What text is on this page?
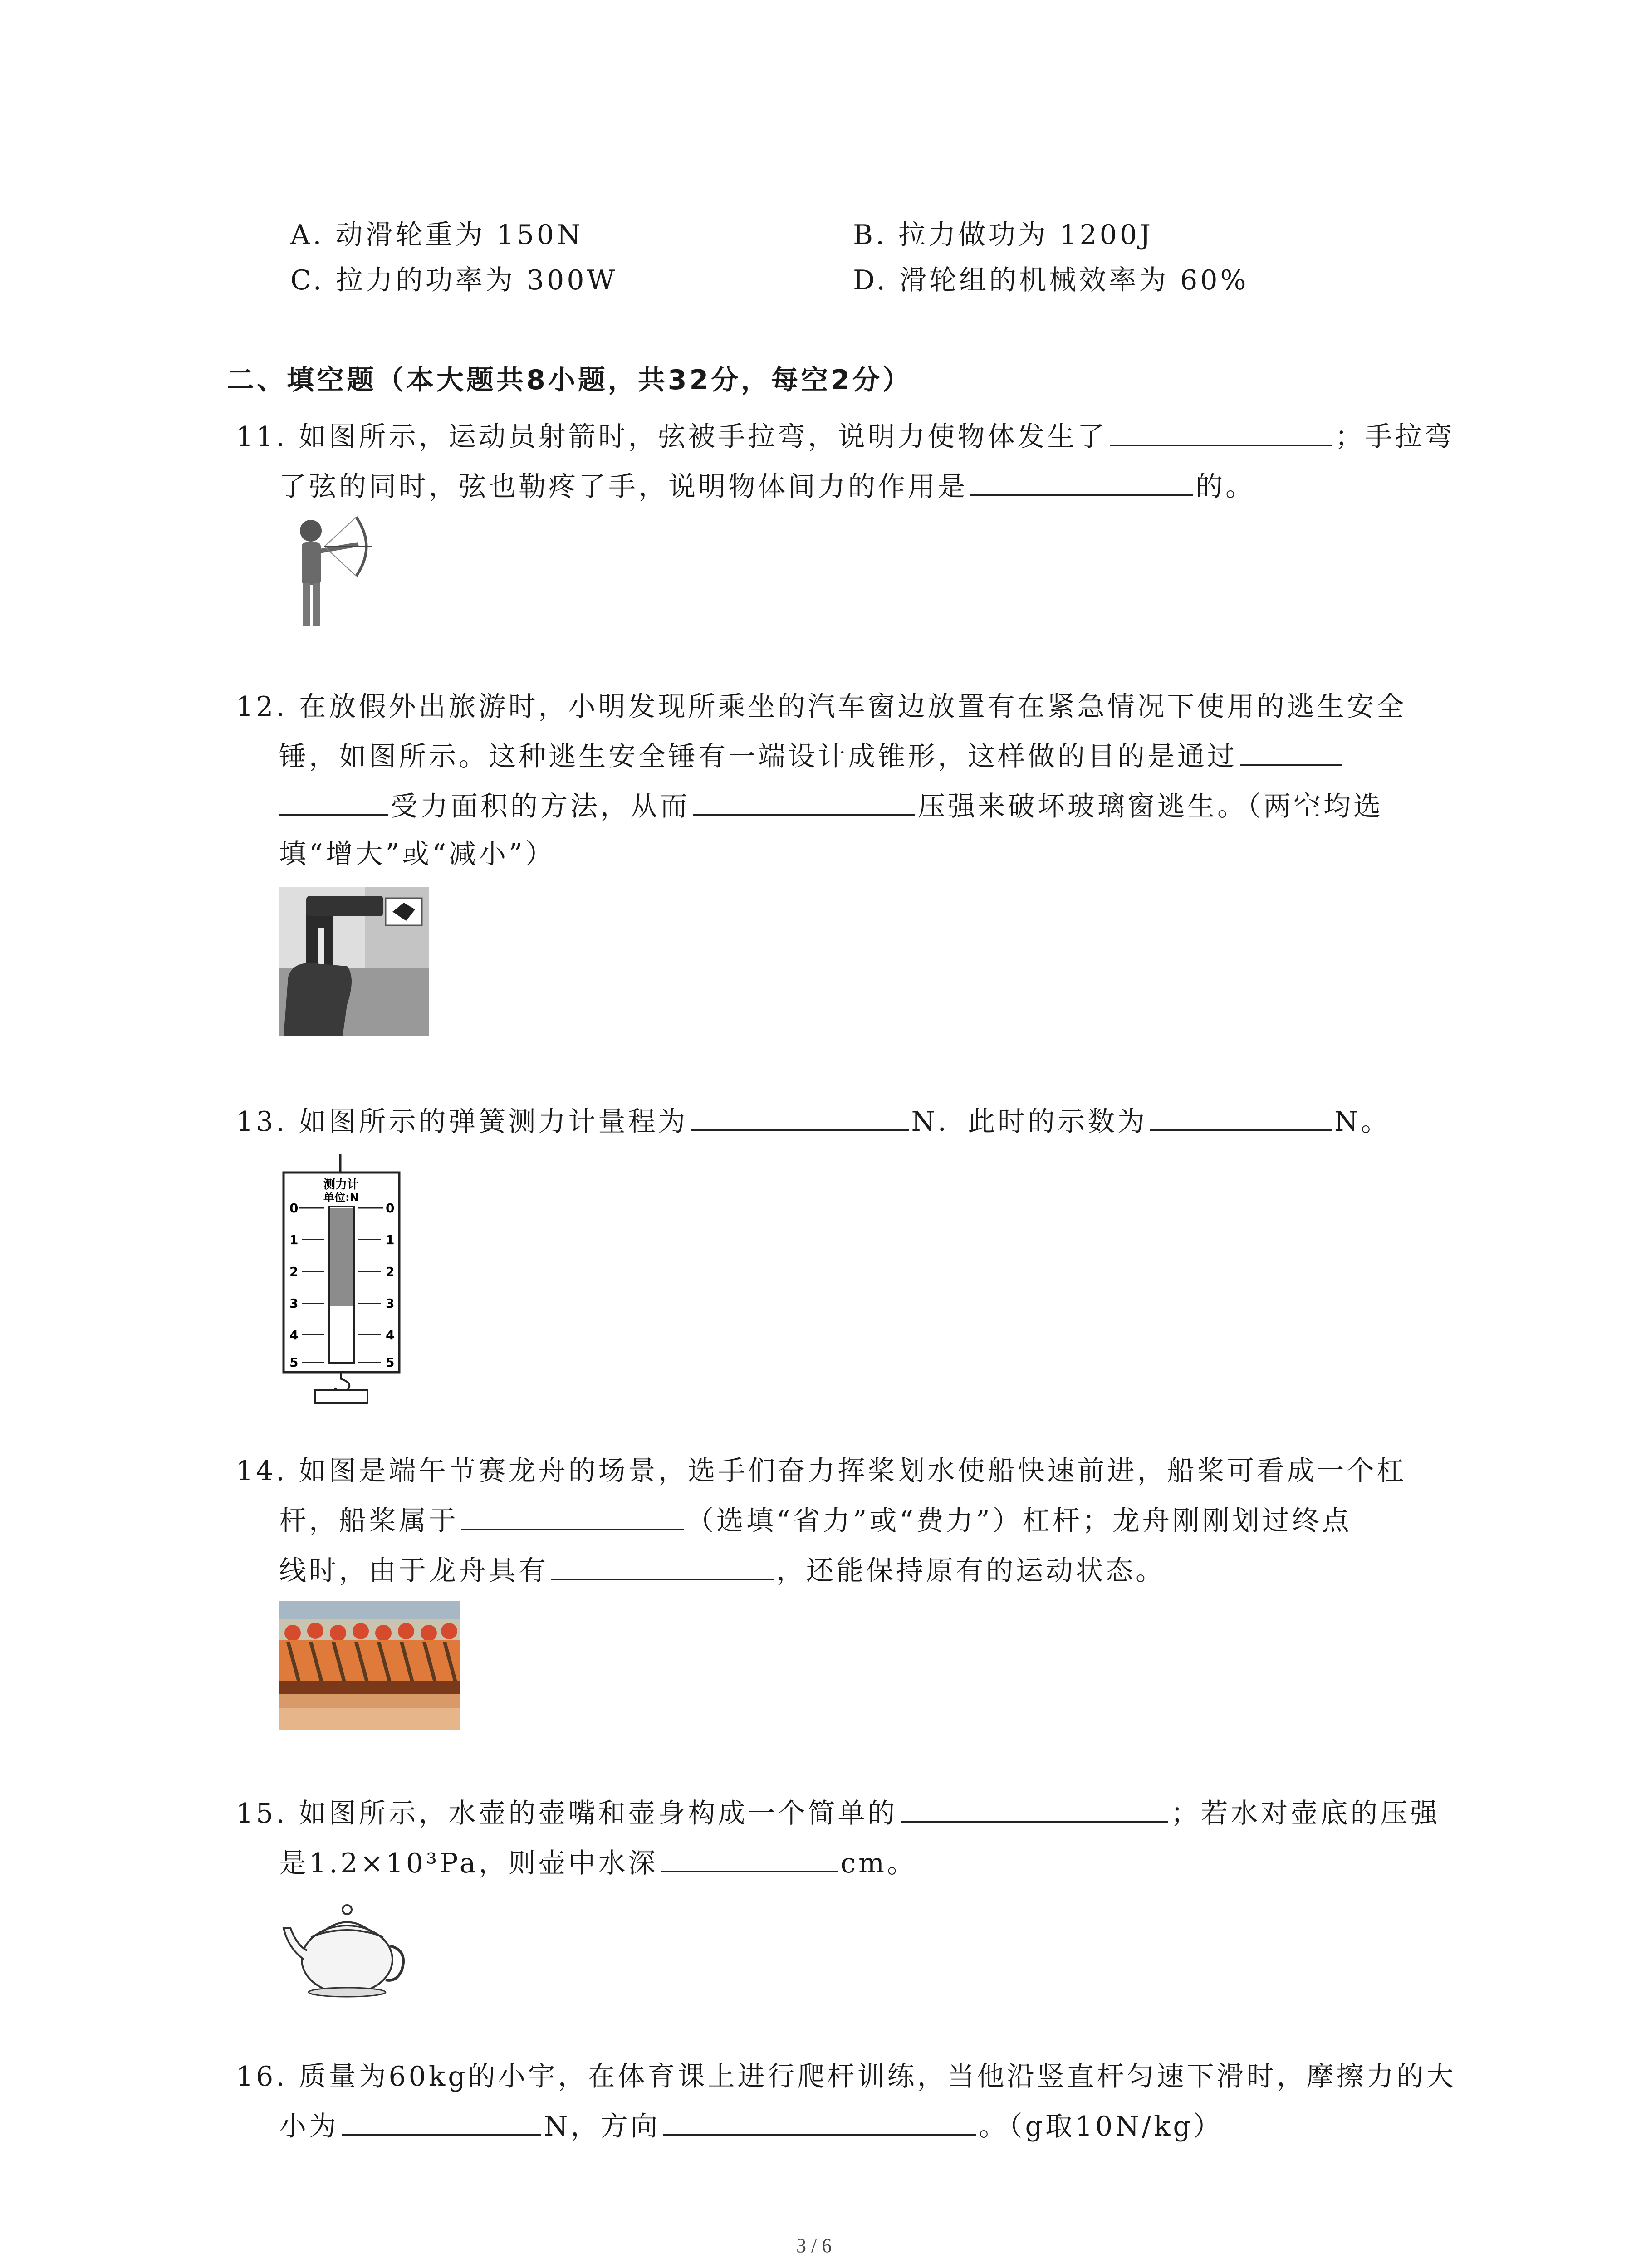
A. 动滑轮重为 150N	B. 拉力做功为 1200J
C. 拉力的功率为 300W	D. 滑轮组的机械效率为 60%
二、填空题（本大题共8小题，共32分，每空2分）
11. 如图所示，运动员射箭时，弦被手拉弯，说明力使物体发生了	；手拉弯
了弦的同时，弦也勒疼了手，说明物体间力的作用是	的。
12. 在放假外出旅游时，小明发现所乘坐的汽车窗边放置有在紧急情况下使用的逃生安全
锤，如图所示。这种逃生安全锤有一端设计成锥形，这样做的目的是通过
受力面积的方法，从而	压强来破坏玻璃窗逃生。（两空均选
填“增大”或“减小”）
13. 如图所示的弹簧测力计量程为	N．此时的示数为	N。
测力计
单位:N
0
1
2
3
4
5
0
1
2
3
4
5
14. 如图是端午节赛龙舟的场景，选手们奋力挥桨划水使船快速前进，船桨可看成一个杠
杆，船桨属于	（选填“省力”或“费力”）杠杆；龙舟刚刚划过终点
线时，由于龙舟具有	，还能保持原有的运动状态。
15. 如图所示，水壶的壶嘴和壶身构成一个简单的	；若水对壶底的压强
是1.2×10³Pa，则壶中水深	cm。
16. 质量为60kg的小宇，在体育课上进行爬杆训练，当他沿竖直杆匀速下滑时，摩擦力的大
小为	N，方向	。（g取10N/kg）
3 / 6
